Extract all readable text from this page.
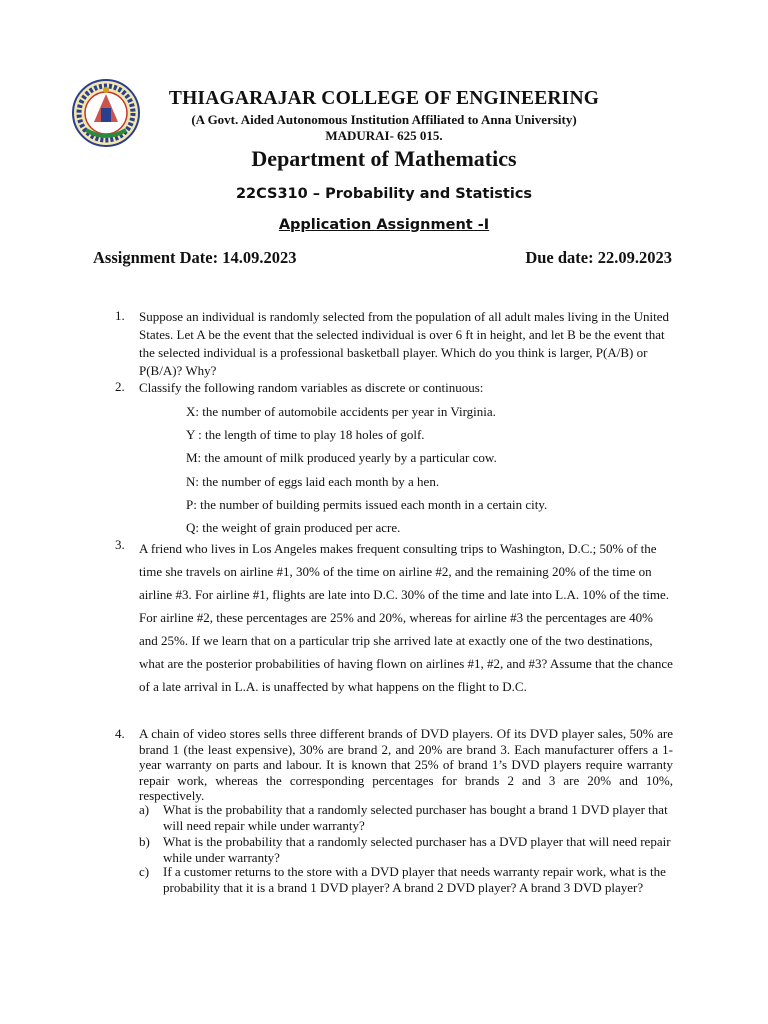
THIAGARAJAR COLLEGE OF ENGINEERING
(A Govt. Aided Autonomous Institution Affiliated to Anna University)
MADURAI- 625 015.
Department of Mathematics
22CS310 – Probability and Statistics
Application Assignment -I
Assignment Date: 14.09.2023	Due date: 22.09.2023
1.	Suppose an individual is randomly selected from the population of all adult males living in the United States. Let A be the event that the selected individual is over 6 ft in height, and let B be the event that the selected individual is a professional basketball player. Which do you think is larger, P(A/B) or P(B/A)? Why?
2.	Classify the following random variables as discrete or continuous:
X: the number of automobile accidents per year in Virginia.
Y : the length of time to play 18 holes of golf.
M: the amount of milk produced yearly by a particular cow.
N: the number of eggs laid each month by a hen.
P: the number of building permits issued each month in a certain city.
Q: the weight of grain produced per acre.
3.	A friend who lives in Los Angeles makes frequent consulting trips to Washington, D.C.; 50% of the time she travels on airline #1, 30% of the time on airline #2, and the remaining 20% of the time on airline #3. For airline #1, flights are late into D.C. 30% of the time and late into L.A. 10% of the time. For airline #2, these percentages are 25% and 20%, whereas for airline #3 the percentages are 40% and 25%. If we learn that on a particular trip she arrived late at exactly one of the two destinations, what are the posterior probabilities of having flown on airlines #1, #2, and #3? Assume that the chance of a late arrival in L.A. is unaffected by what happens on the flight to D.C.
4.	A chain of video stores sells three different brands of DVD players. Of its DVD player sales, 50% are brand 1 (the least expensive), 30% are brand 2, and 20% are brand 3. Each manufacturer offers a 1-year warranty on parts and labour. It is known that 25% of brand 1’s DVD players require warranty repair work, whereas the corresponding percentages for brands 2 and 3 are 20% and 10%, respectively.
a) What is the probability that a randomly selected purchaser has bought a brand 1 DVD player that will need repair while under warranty?
b) What is the probability that a randomly selected purchaser has a DVD player that will need repair while under warranty?
c) If a customer returns to the store with a DVD player that needs warranty repair work, what is the probability that it is a brand 1 DVD player? A brand 2 DVD player? A brand 3 DVD player?
